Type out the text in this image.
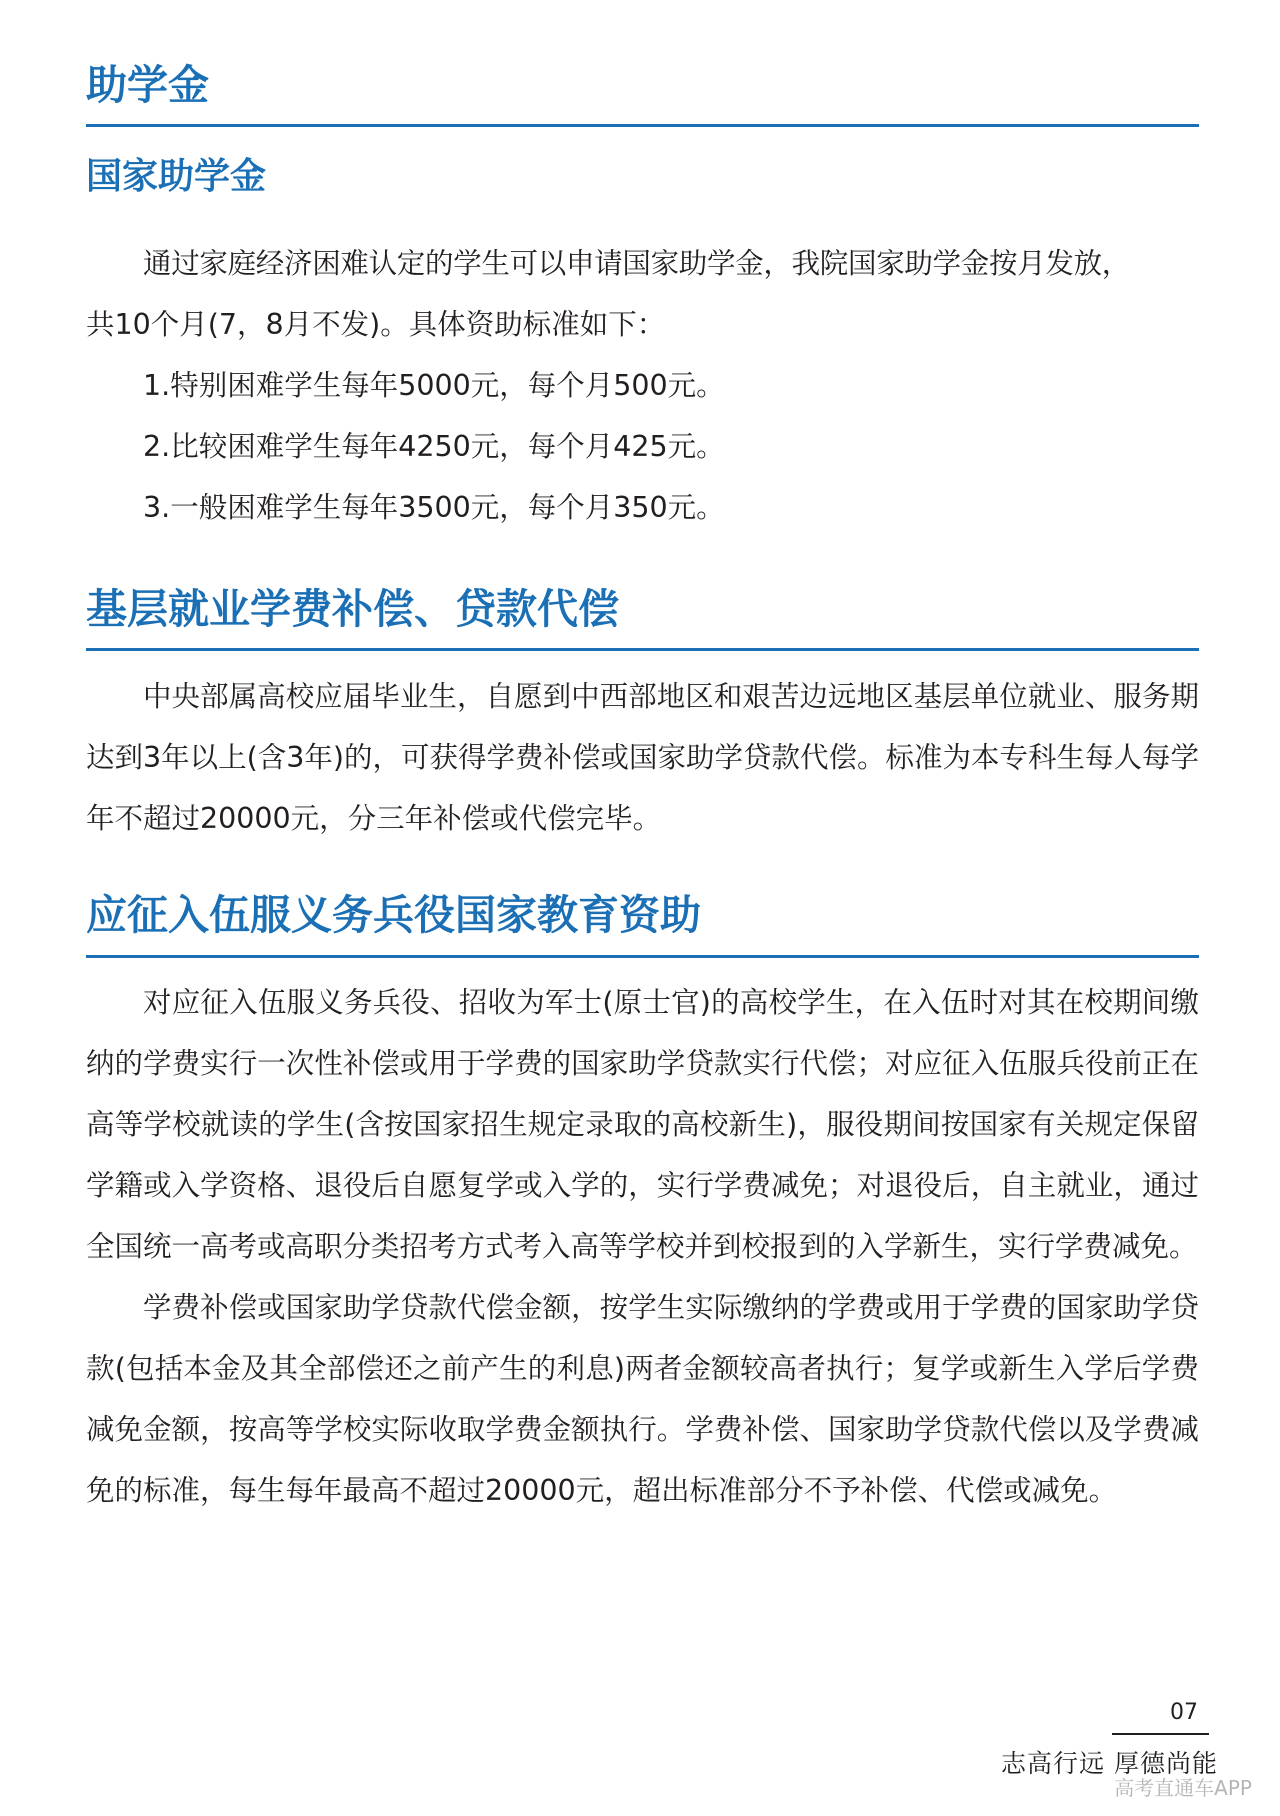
助学金
国家助学金

通过家庭经济困难认定的学生可以申请国家助学金，我院国家助学金按月发放，

共10个月(7，8月不发)。具体资助标准如下：

1.特别困难学生每年5000元，每个月500元。

2.比较困难学生每年4250元，每个月425元。

3.一般困难学生每年3500元，每个月350元。

基层就业学费补偿、贷款代偿

中央部属高校应届毕业生，自愿到中西部地区和艰苦边远地区基层单位就业、服务期达到3年以上(含3年)的，可获得学费补偿或国家助学贷款代偿。标准为本专科生每人每学年不超过20000元，分三年补偿或代偿完毕。

应征入伍服义务兵役国家教育资助

对应征入伍服义务兵役、招收为军士(原士官)的高校学生，在入伍时对其在校期间缴纳的学费实行一次性补偿或用于学费的国家助学贷款实行代偿；对应征入伍服兵役前正在高等学校就读的学生(含按国家招生规定录取的高校新生)，服役期间按国家有关规定保留学籍或入学资格、退役后自愿复学或入学的，实行学费减免；对退役后，自主就业，通过全国统一高考或高职分类招考方式考入高等学校并到校报到的入学新生，实行学费减免。

学费补偿或国家助学贷款代偿金额，按学生实际缴纳的学费或用于学费的国家助学贷款(包括本金及其全部偿还之前产生的利息)两者金额较高者执行；复学或新生入学后学费减免金额，按高等学校实际收取学费金额执行。学费补偿、国家助学贷款代偿以及学费减免的标准，每生每年最高不超过20000元，超出标准部分不予补偿、代偿或减免。

07
志高行远 厚德尚能
高考直通车APP
